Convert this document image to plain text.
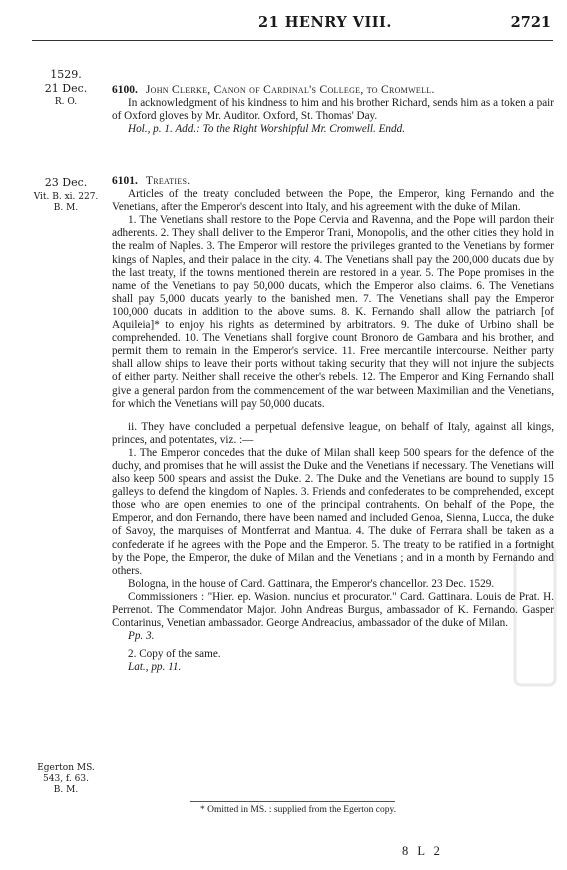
21 HENRY VIII.	2721
1529.
21 Dec.
R. O.

6100. John Clerke, Canon of Cardinal's College, to Cromwell.

In acknowledgment of his kindness to him and his brother Richard, sends him as a token a pair of Oxford gloves by Mr. Auditor. Oxford, St. Thomas' Day.

Hol., p. 1. Add.: To the Right Worshipful Mr. Cromwell. Endd.

23 Dec.
Vit. B. xi. 227.
B. M.

6101. Treaties.

Articles of the treaty concluded between the Pope, the Emperor, king Fernando and the Venetians, after the Emperor's descent into Italy, and his agreement with the duke of Milan.

1. The Venetians shall restore to the Pope Cervia and Ravenna, and the Pope will pardon their adherents. 2. They shall deliver to the Emperor Trani, Monopolis, and the other cities they hold in the realm of Naples. 3. The Emperor will restore the privileges granted to the Venetians by former kings of Naples, and their palace in the city. 4. The Venetians shall pay the 200,000 ducats due by the last treaty, if the towns mentioned therein are restored in a year. 5. The Pope promises in the name of the Venetians to pay 50,000 ducats, which the Emperor also claims. 6. The Venetians shall pay 5,000 ducats yearly to the banished men. 7. The Venetians shall pay the Emperor 100,000 ducats in addition to the above sums. 8. K. Fernando shall allow the patriarch [of Aquileia]* to enjoy his rights as determined by arbitrators. 9. The duke of Urbino shall be comprehended. 10. The Venetians shall forgive count Bronoro de Gambara and his brother, and permit them to remain in the Emperor's service. 11. Free mercantile intercourse. Neither party shall allow ships to leave their ports without taking security that they will not injure the subjects of either party. Neither shall receive the other's rebels. 12. The Emperor and King Fernando shall give a general pardon from the commencement of the war between Maximilian and the Venetians, for which the Venetians will pay 50,000 ducats.

ii. They have concluded a perpetual defensive league, on behalf of Italy, against all kings, princes, and potentates, viz. :—

1. The Emperor concedes that the duke of Milan shall keep 500 spears for the defence of the duchy, and promises that he will assist the Duke and the Venetians if necessary. The Venetians will also keep 500 spears and assist the Duke. 2. The Duke and the Venetians are bound to supply 15 galleys to defend the kingdom of Naples. 3. Friends and confederates to be comprehended, except those who are open enemies to one of the principal contrahents. On behalf of the Pope, the Emperor, and don Fernando, there have been named and included Genoa, Sienna, Lucca, the duke of Savoy, the marquises of Montferrat and Mantua. 4. The duke of Ferrara shall be taken as a confederate if he agrees with the Pope and the Emperor. 5. The treaty to be ratified in a fortnight by the Pope, the Emperor, the duke of Milan and the Venetians ; and in a month by Fernando and others.

Bologna, in the house of Card. Gattinara, the Emperor's chancellor. 23 Dec. 1529.

Commissioners : "Hier. ep. Wasion. nuncius et procurator." Card. Gattinara. Louis de Prat. H. Perrenot. The Commendator Major. John Andreas Burgus, ambassador of K. Fernando. Gasper Contarinus, Venetian ambassador. George Andreacius, ambassador of the duke of Milan.

Pp. 3.

2. Copy of the same.

Lat., pp. 11.

Egerton MS.
543, f. 63.
B. M.
* Omitted in MS. : supplied from the Egerton copy.
8 L 2
